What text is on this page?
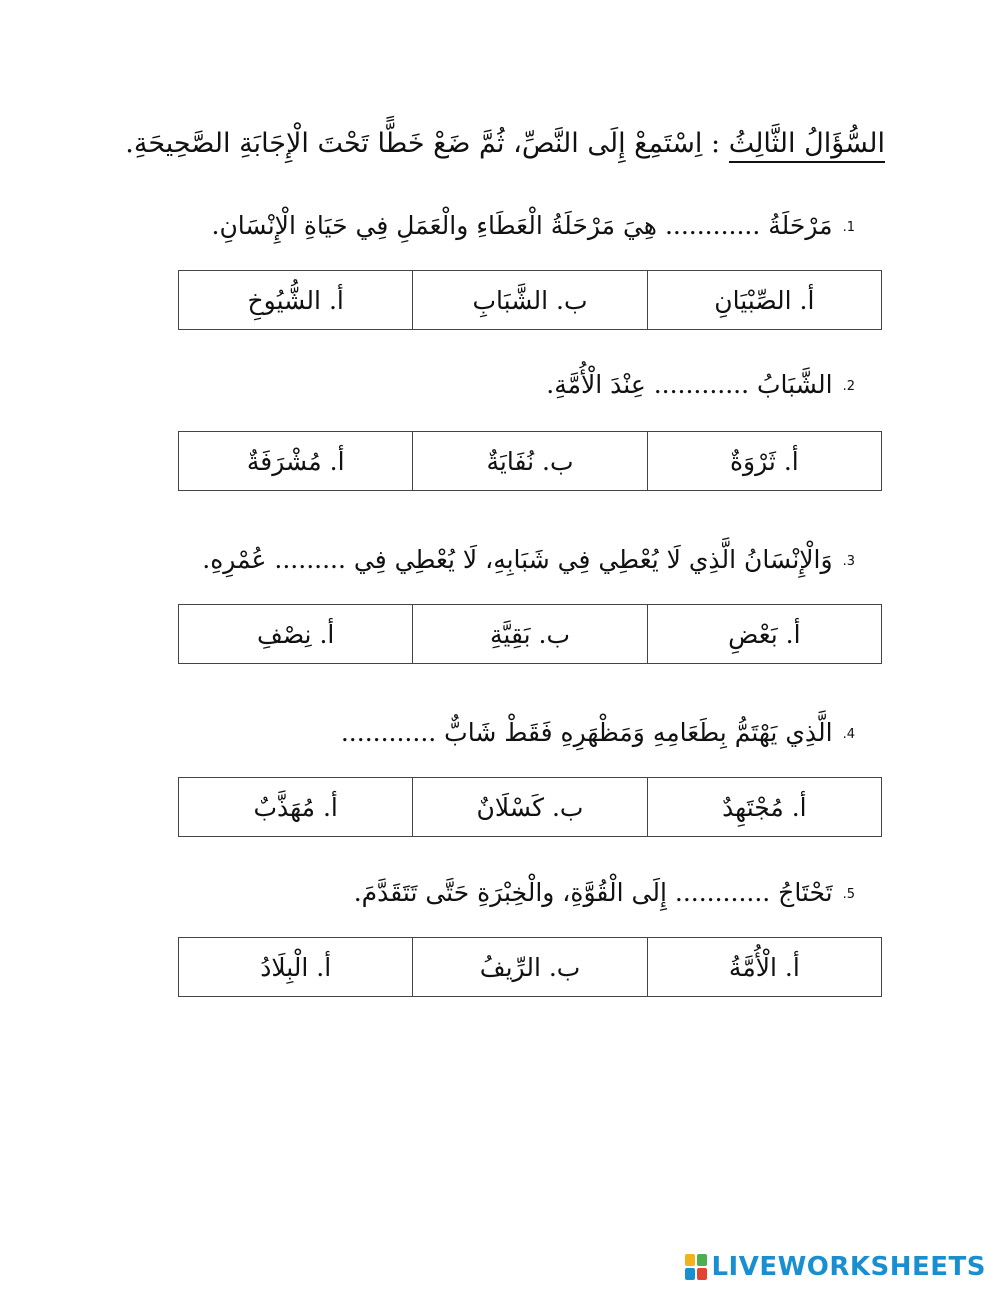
السُّؤَالُ الثَّالِثُ : اِسْتَمِعْ إِلَى النَّصِّ، ثُمَّ ضَعْ خَطًّا تَحْتَ الْإِجَابَةِ الصَّحِيحَةِ.
1.مَرْحَلَةُ ............ هِيَ مَرْحَلَةُ الْعَطَاءِ والْعَمَلِ فِي حَيَاةِ الْإِنْسَانِ.
أ. الصِّبْيَانِ
ب. الشَّبَابِ
أ. الشُّيُوخِ
2.الشَّبَابُ ............ عِنْدَ الْأُمَّةِ.
أ. ثَرْوَةٌ
ب. نُفَايَةٌ
أ. مُشْرَفَةٌ
3.وَالْإِنْسَانُ الَّذِي لَا يُعْطِي فِي شَبَابِهِ، لَا يُعْطِي فِي ......... عُمْرِهِ.
أ. بَعْضِ
ب. بَقِيَّةِ
أ. نِصْفِ
4.الَّذِي يَهْتَمُّ بِطَعَامِهِ وَمَظْهَرِهِ فَقَطْ شَابٌّ ............
أ. مُجْتَهِدٌ
ب. كَسْلَانٌ
أ. مُهَذَّبٌ
5.تَحْتَاجُ ............ إِلَى الْقُوَّةِ، والْخِبْرَةِ حَتَّى تَتَقَدَّمَ.
أ. الْأُمَّةُ
ب. الرِّيفُ
أ. الْبِلَادُ
LIVEWORKSHEETS
